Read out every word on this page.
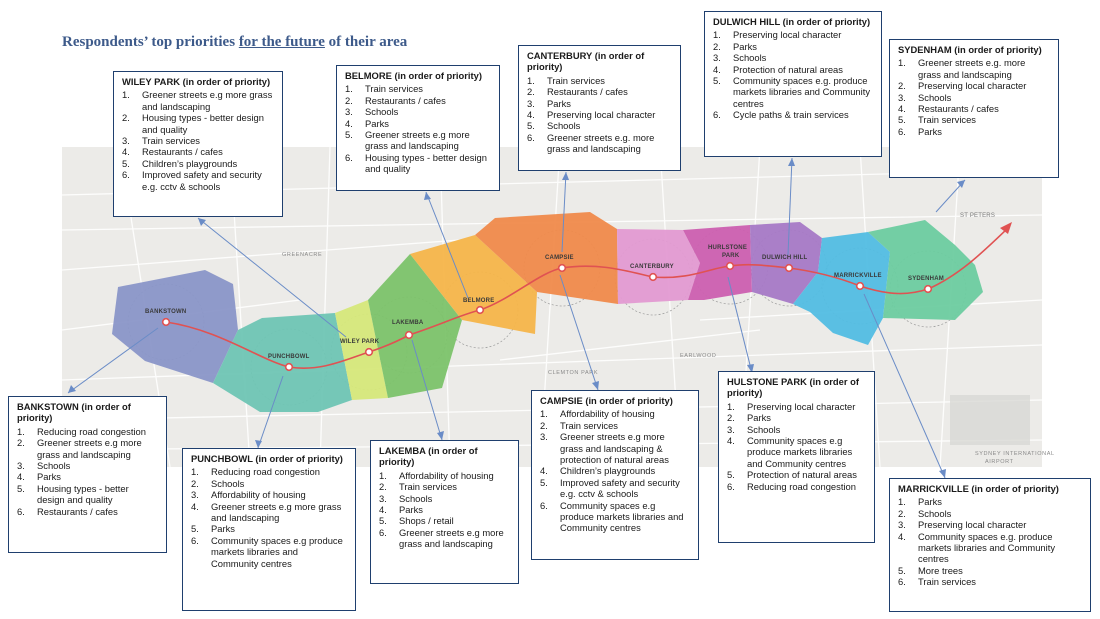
Respondents’ top priorities for the future of their area
BANKSTOWN
PUNCHBOWL
WILEY PARK
LAKEMBA
BELMORE
CAMPSIE
CANTERBURY
HURLSTONE
PARK	DULWICH HILL
MARRICKVILLE	SYDENHAM
ST PETERS
GREENACRE
CLEMTON PARK
EARLWOOD
SYDNEY INTERNATIONAL
AIRPORT
WILEY PARK (in order of priority)
Greener streets e.g more grass and landscaping
Housing types - better design and quality
Train services
Restaurants / cafes
Children’s playgrounds
Improved safety and security e.g. cctv & schools
BELMORE (in order of priority)
Train services
Restaurants / cafes
Schools
Parks
Greener streets e.g more grass and landscaping
Housing types - better design and quality
CANTERBURY (in order of priority)
Train services
Restaurants / cafes
Parks
Preserving local character
Schools
Greener streets e.g. more grass and landscaping
DULWICH HILL (in order of priority)
Preserving local character
Parks
Schools
Protection of natural areas
Community spaces e.g. produce markets libraries and Community centres
Cycle paths & train services
SYDENHAM (in order of priority)
Greener streets e.g. more grass and landscaping
Preserving local character
Schools
Restaurants / cafes
Train services
Parks
BANKSTOWN (in order of priority)
Reducing road congestion
Greener streets e.g more grass and landscaping
Schools
Parks
Housing types - better design and quality
Restaurants / cafes
PUNCHBOWL (in order of priority)
Reducing road congestion
Schools
Affordability of housing
Greener streets e.g more grass and landscaping
Parks
Community spaces e.g produce markets libraries and Community centres
LAKEMBA (in order of priority)
Affordability of housing
Train services
Schools
Parks
Shops / retail
Greener streets e.g more grass and landscaping
CAMPSIE (in order of priority)
Affordability of housing
Train services
Greener streets e.g more grass and landscaping & protection of natural areas
Children’s playgrounds
Improved safety and security e.g. cctv & schools
Community spaces e.g produce markets libraries and Community centres
HULSTONE PARK (in order of priority)
Preserving local character
Parks
Schools
Community spaces e.g produce markets libraries and Community centres
Protection of natural areas
Reducing road congestion	MARRICKVILLE (in order of priority)
Parks
Schools
Preserving local character
Community spaces e.g. produce markets libraries and Community centres
More trees
Train services
